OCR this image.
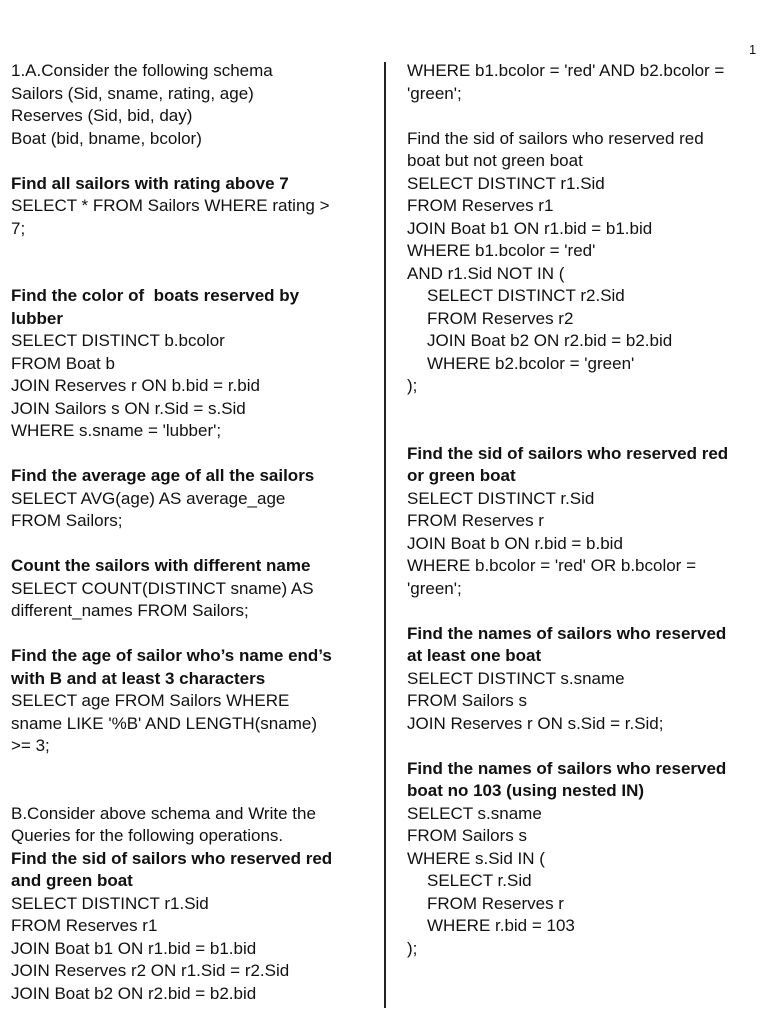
1
1.A.Consider the following schema
Sailors (Sid, sname, rating, age)
Reserves (Sid, bid, day)
Boat (bid, bname, bcolor)
Find all sailors with rating above 7
SELECT * FROM Sailors WHERE rating >
7;
Find the color of  boats reserved by
lubber
SELECT DISTINCT b.bcolor
FROM Boat b
JOIN Reserves r ON b.bid = r.bid
JOIN Sailors s ON r.Sid = s.Sid
WHERE s.sname = 'lubber';
Find the average age of all the sailors
SELECT AVG(age) AS average_age
FROM Sailors;
Count the sailors with different name
SELECT COUNT(DISTINCT sname) AS
different_names FROM Sailors;
Find the age of sailor who’s name end’s
with B and at least 3 characters
SELECT age FROM Sailors WHERE
sname LIKE '%B' AND LENGTH(sname)
>= 3;
B.Consider above schema and Write the
Queries for the following operations.
Find the sid of sailors who reserved red
and green boat
SELECT DISTINCT r1.Sid
FROM Reserves r1
JOIN Boat b1 ON r1.bid = b1.bid
JOIN Reserves r2 ON r1.Sid = r2.Sid
JOIN Boat b2 ON r2.bid = b2.bid
WHERE b1.bcolor = 'red' AND b2.bcolor =
'green';
Find the sid of sailors who reserved red
boat but not green boat
SELECT DISTINCT r1.Sid
FROM Reserves r1
JOIN Boat b1 ON r1.bid = b1.bid
WHERE b1.bcolor = 'red'
AND r1.Sid NOT IN (
SELECT DISTINCT r2.Sid
FROM Reserves r2
JOIN Boat b2 ON r2.bid = b2.bid
WHERE b2.bcolor = 'green'
);
Find the sid of sailors who reserved red
or green boat
SELECT DISTINCT r.Sid
FROM Reserves r
JOIN Boat b ON r.bid = b.bid
WHERE b.bcolor = 'red' OR b.bcolor =
'green';
Find the names of sailors who reserved
at least one boat
SELECT DISTINCT s.sname
FROM Sailors s
JOIN Reserves r ON s.Sid = r.Sid;
Find the names of sailors who reserved
boat no 103 (using nested IN)
SELECT s.sname
FROM Sailors s
WHERE s.Sid IN (
SELECT r.Sid
FROM Reserves r
WHERE r.bid = 103
);
